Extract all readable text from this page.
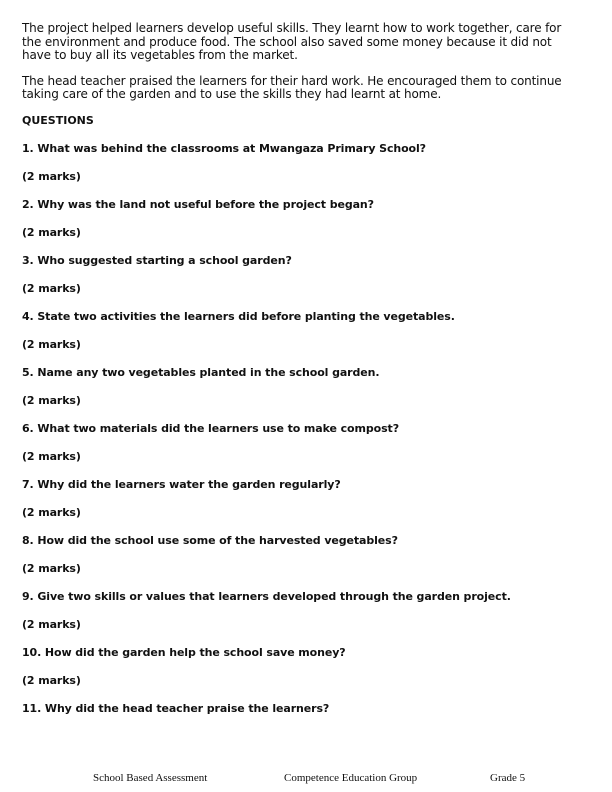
The project helped learners develop useful skills. They learnt how to work together, care for the environment and produce food. The school also saved some money because it did not have to buy all its vegetables from the market.

The head teacher praised the learners for their hard work. He encouraged them to continue taking care of the garden and to use the skills they had learnt at home.

QUESTIONS
1. What was behind the classrooms at Mwangaza Primary School?
(2 marks)
2. Why was the land not useful before the project began?
(2 marks)
3. Who suggested starting a school garden?
(2 marks)
4. State two activities the learners did before planting the vegetables.
(2 marks)
5. Name any two vegetables planted in the school garden.
(2 marks)
6. What two materials did the learners use to make compost?
(2 marks)
7. Why did the learners water the garden regularly?
(2 marks)
8. How did the school use some of the harvested vegetables?
(2 marks)
9. Give two skills or values that learners developed through the garden project.
(2 marks)
10. How did the garden help the school save money?
(2 marks)
11. Why did the head teacher praise the learners?
School Based Assessment	Competence Education Group	Grade 5
